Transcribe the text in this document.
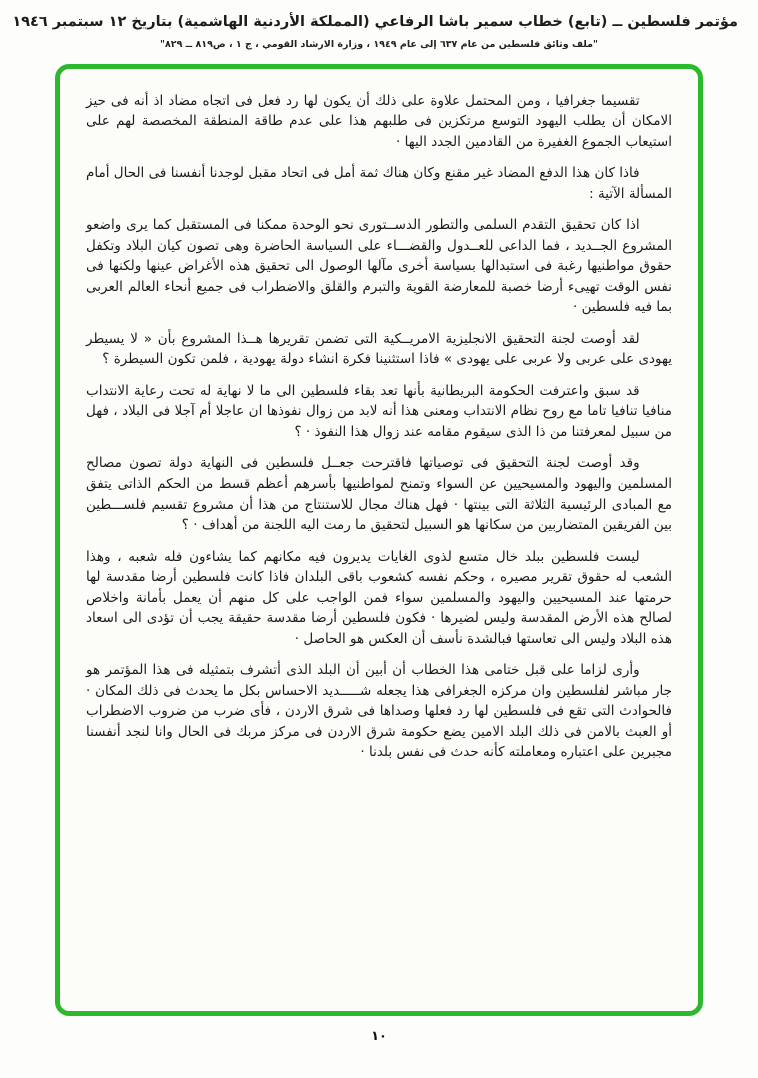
مؤتمر فلسطين ــ (تابع) خطاب سمير باشا الرفاعي (المملكة الأردنية الهاشمية) بتاريخ ١٢ سبتمبر ١٩٤٦
"ملف وثائق فلسطين من عام ٦٣٧ إلى عام ١٩٤٩ ، وزارة الارشاد القومي ، ج ١ ، ص٨١٩ ــ ٨٢٩"

تقسيما جغرافيا ، ومن المحتمل علاوة على ذلك أن يكون لها رد فعل فى اتجاه مضاد اذ أنه فى حيز الامكان أن يطلب اليهود التوسع مرتكزين فى طلبهم هذا على عدم طاقة المنطقة المخصصة لهم على استيعاب الجموع الغفيرة من القادمين الجدد اليها ·

فاذا كان هذا الدفع المضاد غير مقنع وكان هناك ثمة أمل فى اتحاد مقبل لوجدنا أنفسنا فى الحال أمام المسألة الآتية :

اذا كان تحقيق التقدم السلمى والتطور الدســتورى نحو الوحدة ممكنا فى المستقبل كما يرى واضعو المشروع الجــديد ، فما الداعى للعــدول والقضـــاء على السياسة الحاضرة وهى تصون كيان البلاد وتكفل حقوق مواطنيها رغبة فى استبدالها بسياسة أخرى مآلها الوصول الى تحقيق هذه الأغراض عينها ولكنها فى نفس الوقت تهيىء أرضا خصبة للمعارضة القوية والتبرم والقلق والاضطراب فى جميع أنحاء العالم العربى بما فيه فلسطين ·

لقد أوصت لجنة التحقيق الانجليزية الامريــكية التى تضمن تقريرها هــذا المشروع بأن « لا يسيطر يهودى على عربى ولا عربى على يهودى » فاذا استثنينا فكرة انشاء دولة يهودية ، فلمن تكون السيطرة ؟

قد سبق واعترفت الحكومة البريطانية بأنها تعد بقاء فلسطين الى ما لا نهاية له تحت رعاية الانتداب منافيا تنافيا تاما مع روح نظام الانتداب ومعنى هذا أنه لابد من زوال نفوذها ان عاجلا أم آجلا فى البلاد ، فهل من سبيل لمعرفتنا من ذا الذى سيقوم مقامه عند زوال هذا النفوذ · ؟

وقد أوصت لجنة التحقيق فى توصياتها فاقترحت جعــل فلسطين فى النهاية دولة تصون مصالح المسلمين واليهود والمسيحيين عن السواء وتمنح لمواطنيها بأسرهم أعظم قسط من الحكم الذاتى يتفق مع المبادى الرئيسية الثلاثة التى بينتها · فهل هناك مجال للاستنتاج من هذا أن مشروع تقسيم فلســـطين بين الفريقين المتضاربين من سكانها هو السبيل لتحقيق ما رمت اليه اللجنة من أهداف · ؟

ليست فلسطين ببلد خال متسع لذوى الغايات يديرون فيه مكانهم كما يشاءون فله شعبه ، وهذا الشعب له حقوق تقرير مصيره ، وحكم نفسه كشعوب باقى البلدان فاذا كانت فلسطين أرضا مقدسة لها حرمتها عند المسيحيين واليهود والمسلمين سواء فمن الواجب على كل منهم أن يعمل بأمانة واخلاص لصالح هذه الأرض المقدسة وليس لضيرها · فكون فلسطين أرضا مقدسة حقيقة يجب أن تؤدى الى اسعاد هذه البلاد وليس الى تعاستها فبالشدة نأسف أن العكس هو الحاصل ·

وأرى لزاما على قبل ختامى هذا الخطاب أن أبين أن البلد الذى أتشرف بتمثيله فى هذا المؤتمر هو جار مباشر لفلسطين وان مركزه الجغرافى هذا يجعله شـــــديد الاحساس بكل ما يحدث فى ذلك المكان · فالحوادث التى تقع فى فلسطين لها رد فعلها وصداها فى شرق الاردن ، فأى ضرب من ضروب الاضطراب أو العبث بالامن فى ذلك البلد الامين يضع حكومة شرق الاردن فى مركز مربك فى الحال وانا لنجد أنفسنا مجبرين على اعتباره ومعاملته كأنه حدث فى نفس بلدنا ·

١٠
